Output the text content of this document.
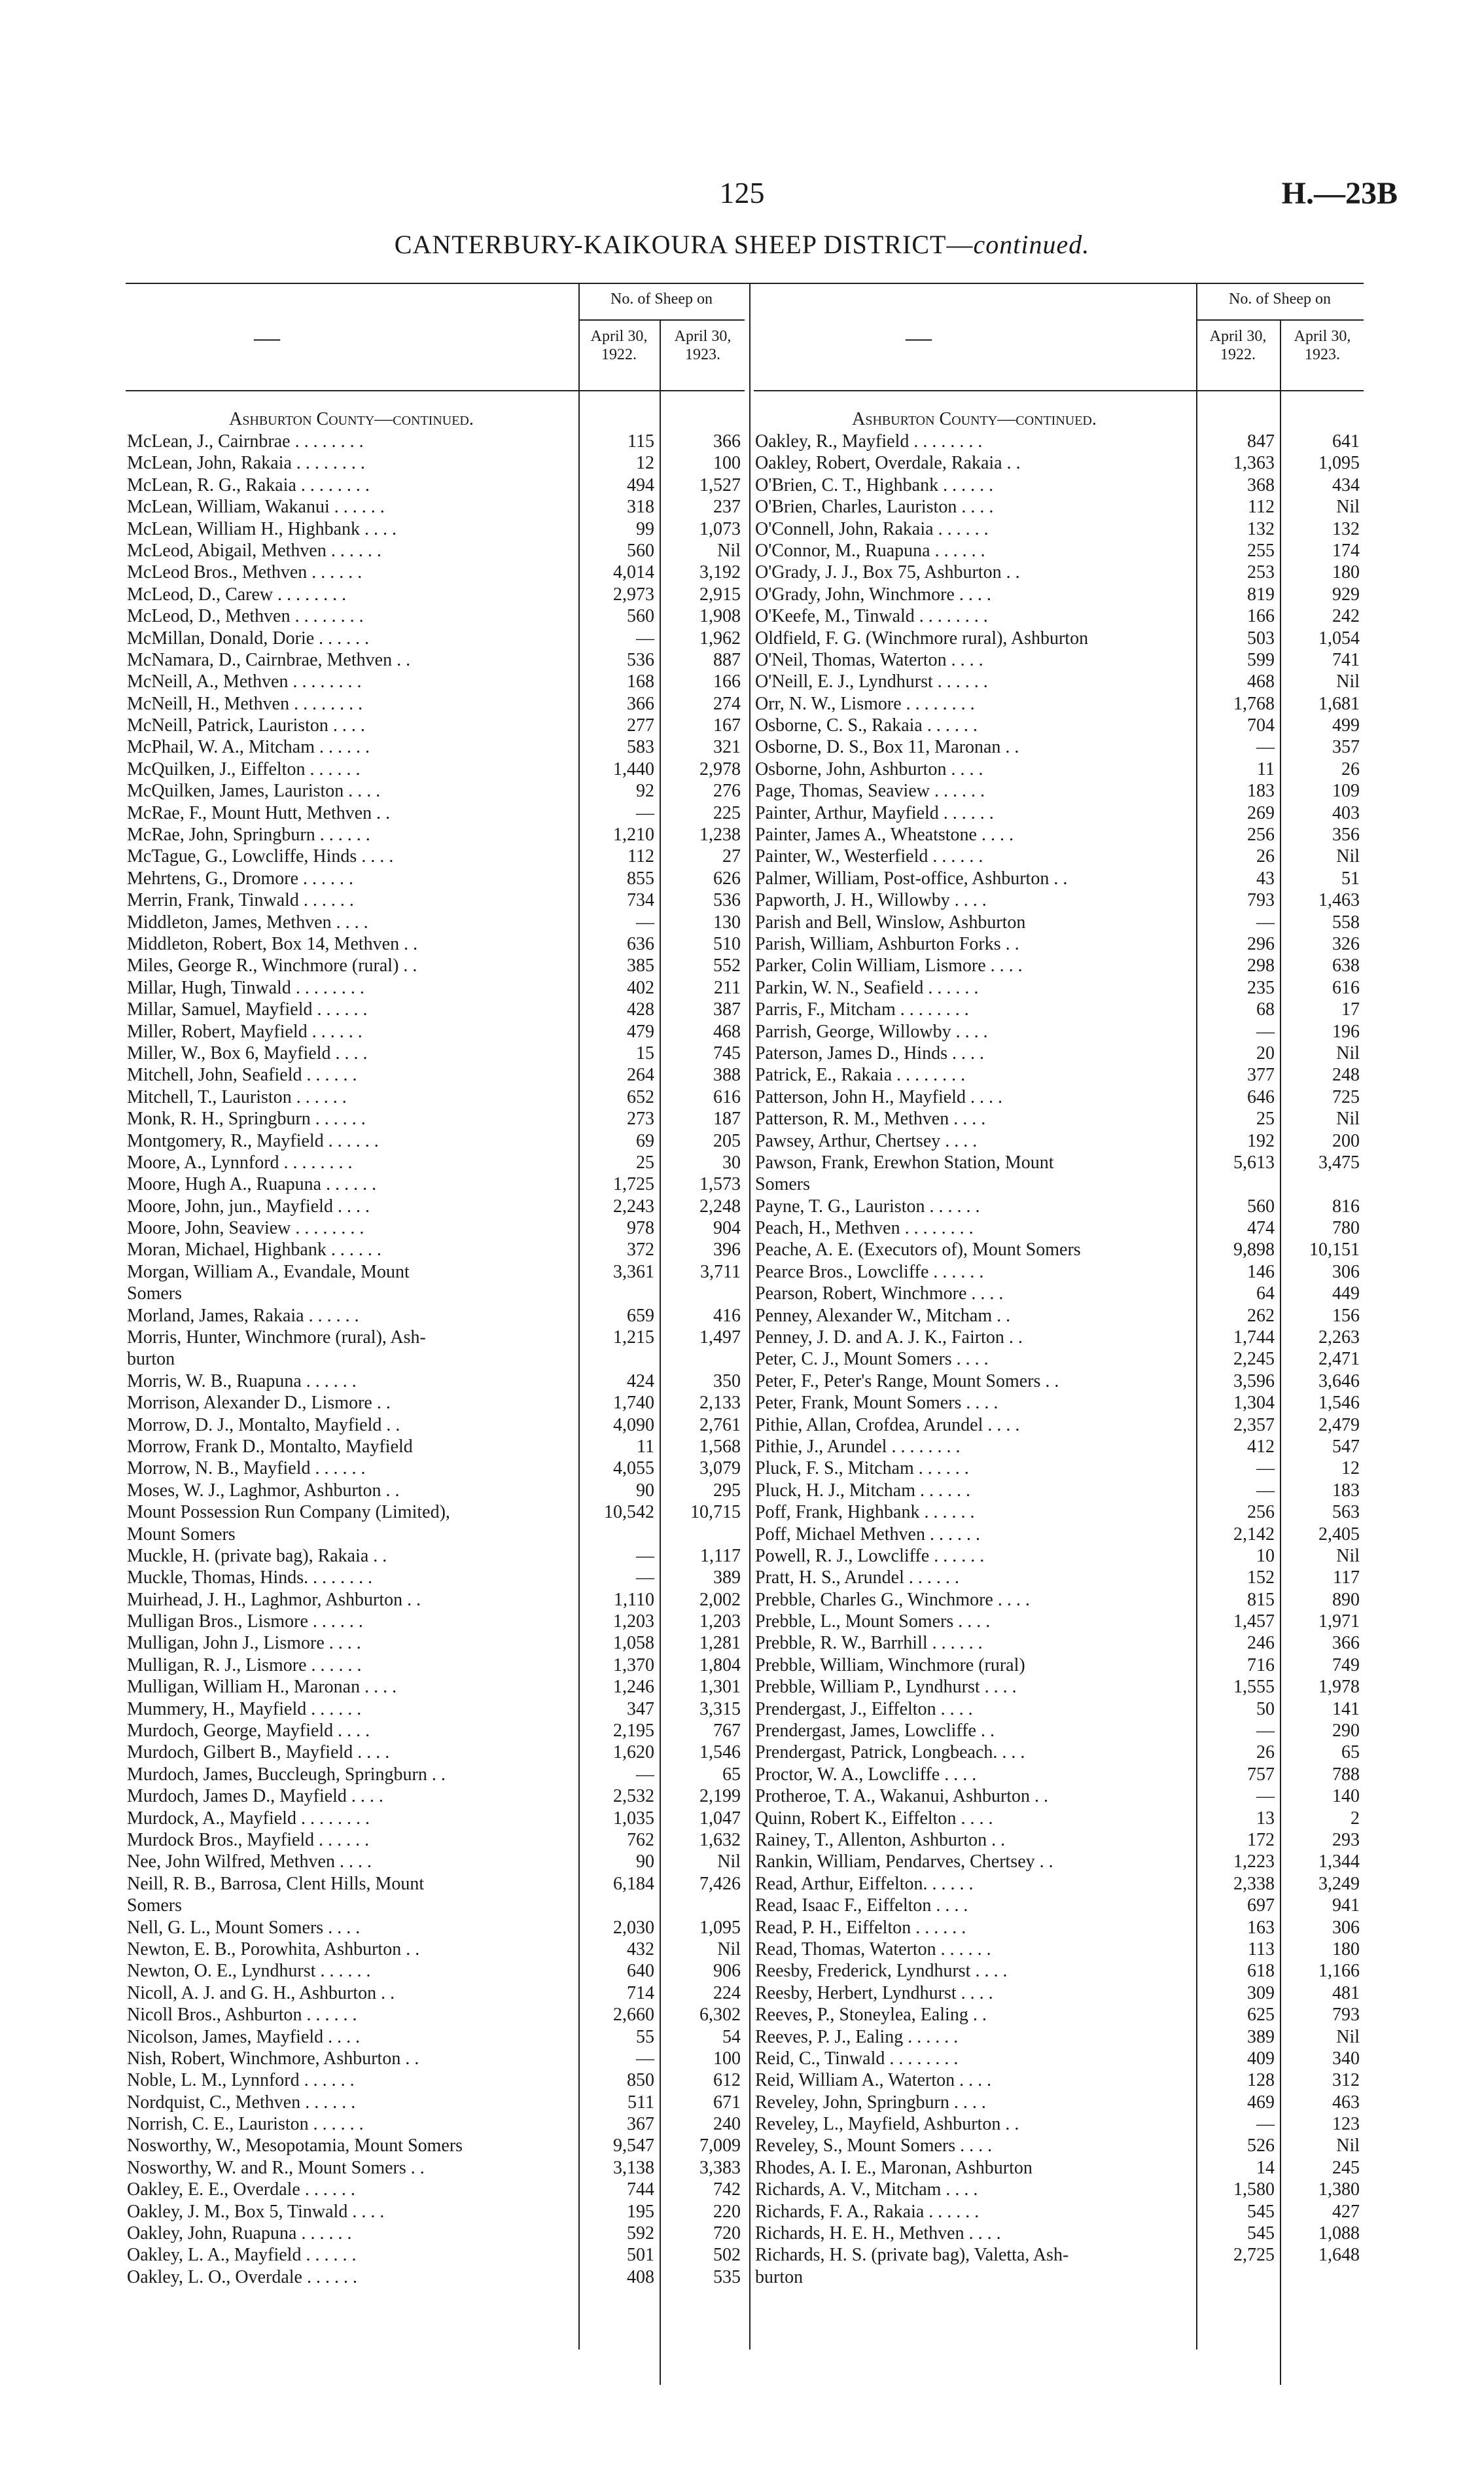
125	H.—23B
CANTERBURY-KAIKOURA SHEEP DISTRICT—continued.
—
No. of Sheep on
April 30,
1922.
April 30,
1923.
Ashburton County—continued.
McLean, J., Cairnbrae . . . . . . . .	115	366
McLean, John, Rakaia . . . . . . . .	12	100
McLean, R. G., Rakaia . . . . . . . .	494	1,527
McLean, William, Wakanui . . . . . .	318	237
McLean, William H., Highbank . . . .	99	1,073
McLeod, Abigail, Methven . . . . . .	560	Nil
McLeod Bros., Methven . . . . . .	4,014	3,192
McLeod, D., Carew . . . . . . . .	2,973	2,915
McLeod, D., Methven . . . . . . . .	560	1,908
McMillan, Donald, Dorie . . . . . .	—	1,962
McNamara, D., Cairnbrae, Methven . .	536	887
McNeill, A., Methven . . . . . . . .	168	166
McNeill, H., Methven . . . . . . . .	366	274
McNeill, Patrick, Lauriston . . . .	277	167
McPhail, W. A., Mitcham . . . . . .	583	321
McQuilken, J., Eiffelton . . . . . .	1,440	2,978
McQuilken, James, Lauriston . . . .	92	276
McRae, F., Mount Hutt, Methven . .	—	225
McRae, John, Springburn . . . . . .	1,210	1,238
McTague, G., Lowcliffe, Hinds . . . .	112	27
Mehrtens, G., Dromore . . . . . .	855	626
Merrin, Frank, Tinwald . . . . . .	734	536
Middleton, James, Methven . . . .	—	130
Middleton, Robert, Box 14, Methven . .	636	510
Miles, George R., Winchmore (rural) . .	385	552
Millar, Hugh, Tinwald . . . . . . . .	402	211
Millar, Samuel, Mayfield . . . . . .	428	387
Miller, Robert, Mayfield . . . . . .	479	468
Miller, W., Box 6, Mayfield . . . .	15	745
Mitchell, John, Seafield . . . . . .	264	388
Mitchell, T., Lauriston . . . . . .	652	616
Monk, R. H., Springburn . . . . . .	273	187
Montgomery, R., Mayfield . . . . . .	69	205
Moore, A., Lynnford . . . . . . . .	25	30
Moore, Hugh A., Ruapuna . . . . . .	1,725	1,573
Moore, John, jun., Mayfield . . . .	2,243	2,248
Moore, John, Seaview . . . . . . . .	978	904
Moran, Michael, Highbank . . . . . .	372	396
Morgan, William A., Evandale, Mount	3,361	3,711
Somers
Morland, James, Rakaia . . . . . .	659	416
Morris, Hunter, Winchmore (rural), Ash-	1,215	1,497
burton
Morris, W. B., Ruapuna . . . . . .	424	350
Morrison, Alexander D., Lismore . .	1,740	2,133
Morrow, D. J., Montalto, Mayfield . .	4,090	2,761
Morrow, Frank D., Montalto, Mayfield	11	1,568
Morrow, N. B., Mayfield . . . . . .	4,055	3,079
Moses, W. J., Laghmor, Ashburton . .	90	295
Mount Possession Run Company (Limited),	10,542	10,715
Mount Somers
Muckle, H. (private bag), Rakaia . .	—	1,117
Muckle, Thomas, Hinds. . . . . . . .	—	389
Muirhead, J. H., Laghmor, Ashburton . .	1,110	2,002
Mulligan Bros., Lismore . . . . . .	1,203	1,203
Mulligan, John J., Lismore . . . .	1,058	1,281
Mulligan, R. J., Lismore . . . . . .	1,370	1,804
Mulligan, William H., Maronan . . . .	1,246	1,301
Mummery, H., Mayfield . . . . . .	347	3,315
Murdoch, George, Mayfield . . . .	2,195	767
Murdoch, Gilbert B., Mayfield . . . .	1,620	1,546
Murdoch, James, Buccleugh, Springburn . .	—	65
Murdoch, James D., Mayfield . . . .	2,532	2,199
Murdock, A., Mayfield . . . . . . . .	1,035	1,047
Murdock Bros., Mayfield . . . . . .	762	1,632
Nee, John Wilfred, Methven . . . .	90	Nil
Neill, R. B., Barrosa, Clent Hills, Mount	6,184	7,426
Somers
Nell, G. L., Mount Somers . . . .	2,030	1,095
Newton, E. B., Porowhita, Ashburton . .	432	Nil
Newton, O. E., Lyndhurst . . . . . .	640	906
Nicoll, A. J. and G. H., Ashburton . .	714	224
Nicoll Bros., Ashburton . . . . . .	2,660	6,302
Nicolson, James, Mayfield . . . .	55	54
Nish, Robert, Winchmore, Ashburton . .	—	100
Noble, L. M., Lynnford . . . . . .	850	612
Nordquist, C., Methven . . . . . .	511	671
Norrish, C. E., Lauriston . . . . . .	367	240
Nosworthy, W., Mesopotamia, Mount Somers	9,547	7,009
Nosworthy, W. and R., Mount Somers . .	3,138	3,383
Oakley, E. E., Overdale . . . . . .	744	742
Oakley, J. M., Box 5, Tinwald . . . .	195	220
Oakley, John, Ruapuna . . . . . .	592	720
Oakley, L. A., Mayfield . . . . . .	501	502
Oakley, L. O., Overdale . . . . . .	408	535
—
No. of Sheep on
April 30,
1922.
April 30,
1923.
Ashburton County—continued.
Oakley, R., Mayfield . . . . . . . .	847	641
Oakley, Robert, Overdale, Rakaia . .	1,363	1,095
O'Brien, C. T., Highbank . . . . . .	368	434
O'Brien, Charles, Lauriston . . . .	112	Nil
O'Connell, John, Rakaia . . . . . .	132	132
O'Connor, M., Ruapuna . . . . . .	255	174
O'Grady, J. J., Box 75, Ashburton . .	253	180
O'Grady, John, Winchmore . . . .	819	929
O'Keefe, M., Tinwald . . . . . . . .	166	242
Oldfield, F. G. (Winchmore rural), Ashburton	503	1,054
O'Neil, Thomas, Waterton . . . .	599	741
O'Neill, E. J., Lyndhurst . . . . . .	468	Nil
Orr, N. W., Lismore . . . . . . . .	1,768	1,681
Osborne, C. S., Rakaia . . . . . .	704	499
Osborne, D. S., Box 11, Maronan . .	—	357
Osborne, John, Ashburton . . . .	11	26
Page, Thomas, Seaview . . . . . .	183	109
Painter, Arthur, Mayfield . . . . . .	269	403
Painter, James A., Wheatstone . . . .	256	356
Painter, W., Westerfield . . . . . .	26	Nil
Palmer, William, Post-office, Ashburton . .	43	51
Papworth, J. H., Willowby . . . .	793	1,463
Parish and Bell, Winslow, Ashburton	—	558
Parish, William, Ashburton Forks . .	296	326
Parker, Colin William, Lismore . . . .	298	638
Parkin, W. N., Seafield . . . . . .	235	616
Parris, F., Mitcham . . . . . . . .	68	17
Parrish, George, Willowby . . . .	—	196
Paterson, James D., Hinds . . . .	20	Nil
Patrick, E., Rakaia . . . . . . . .	377	248
Patterson, John H., Mayfield . . . .	646	725
Patterson, R. M., Methven . . . .	25	Nil
Pawsey, Arthur, Chertsey . . . .	192	200
Pawson, Frank, Erewhon Station, Mount	5,613	3,475
Somers
Payne, T. G., Lauriston . . . . . .	560	816
Peach, H., Methven . . . . . . . .	474	780
Peache, A. E. (Executors of), Mount Somers	9,898	10,151
Pearce Bros., Lowcliffe . . . . . .	146	306
Pearson, Robert, Winchmore . . . .	64	449
Penney, Alexander W., Mitcham . .	262	156
Penney, J. D. and A. J. K., Fairton . .	1,744	2,263
Peter, C. J., Mount Somers . . . .	2,245	2,471
Peter, F., Peter's Range, Mount Somers . .	3,596	3,646
Peter, Frank, Mount Somers . . . .	1,304	1,546
Pithie, Allan, Crofdea, Arundel . . . .	2,357	2,479
Pithie, J., Arundel . . . . . . . .	412	547
Pluck, F. S., Mitcham . . . . . .	—	12
Pluck, H. J., Mitcham . . . . . .	—	183
Poff, Frank, Highbank . . . . . .	256	563
Poff, Michael Methven . . . . . .	2,142	2,405
Powell, R. J., Lowcliffe . . . . . .	10	Nil
Pratt, H. S., Arundel . . . . . .	152	117
Prebble, Charles G., Winchmore . . . .	815	890
Prebble, L., Mount Somers . . . .	1,457	1,971
Prebble, R. W., Barrhill . . . . . .	246	366
Prebble, William, Winchmore (rural)	716	749
Prebble, William P., Lyndhurst . . . .	1,555	1,978
Prendergast, J., Eiffelton . . . .	50	141
Prendergast, James, Lowcliffe . .	—	290
Prendergast, Patrick, Longbeach. . . .	26	65
Proctor, W. A., Lowcliffe . . . .	757	788
Protheroe, T. A., Wakanui, Ashburton . .	—	140
Quinn, Robert K., Eiffelton . . . .	13	2
Rainey, T., Allenton, Ashburton . .	172	293
Rankin, William, Pendarves, Chertsey . .	1,223	1,344
Read, Arthur, Eiffelton. . . . . .	2,338	3,249
Read, Isaac F., Eiffelton . . . .	697	941
Read, P. H., Eiffelton . . . . . .	163	306
Read, Thomas, Waterton . . . . . .	113	180
Reesby, Frederick, Lyndhurst . . . .	618	1,166
Reesby, Herbert, Lyndhurst . . . .	309	481
Reeves, P., Stoneylea, Ealing . .	625	793
Reeves, P. J., Ealing . . . . . .	389	Nil
Reid, C., Tinwald . . . . . . . .	409	340
Reid, William A., Waterton . . . .	128	312
Reveley, John, Springburn . . . .	469	463
Reveley, L., Mayfield, Ashburton . .	—	123
Reveley, S., Mount Somers . . . .	526	Nil
Rhodes, A. I. E., Maronan, Ashburton	14	245
Richards, A. V., Mitcham . . . .	1,580	1,380
Richards, F. A., Rakaia . . . . . .	545	427
Richards, H. E. H., Methven . . . .	545	1,088
Richards, H. S. (private bag), Valetta, Ash-	2,725	1,648
burton
